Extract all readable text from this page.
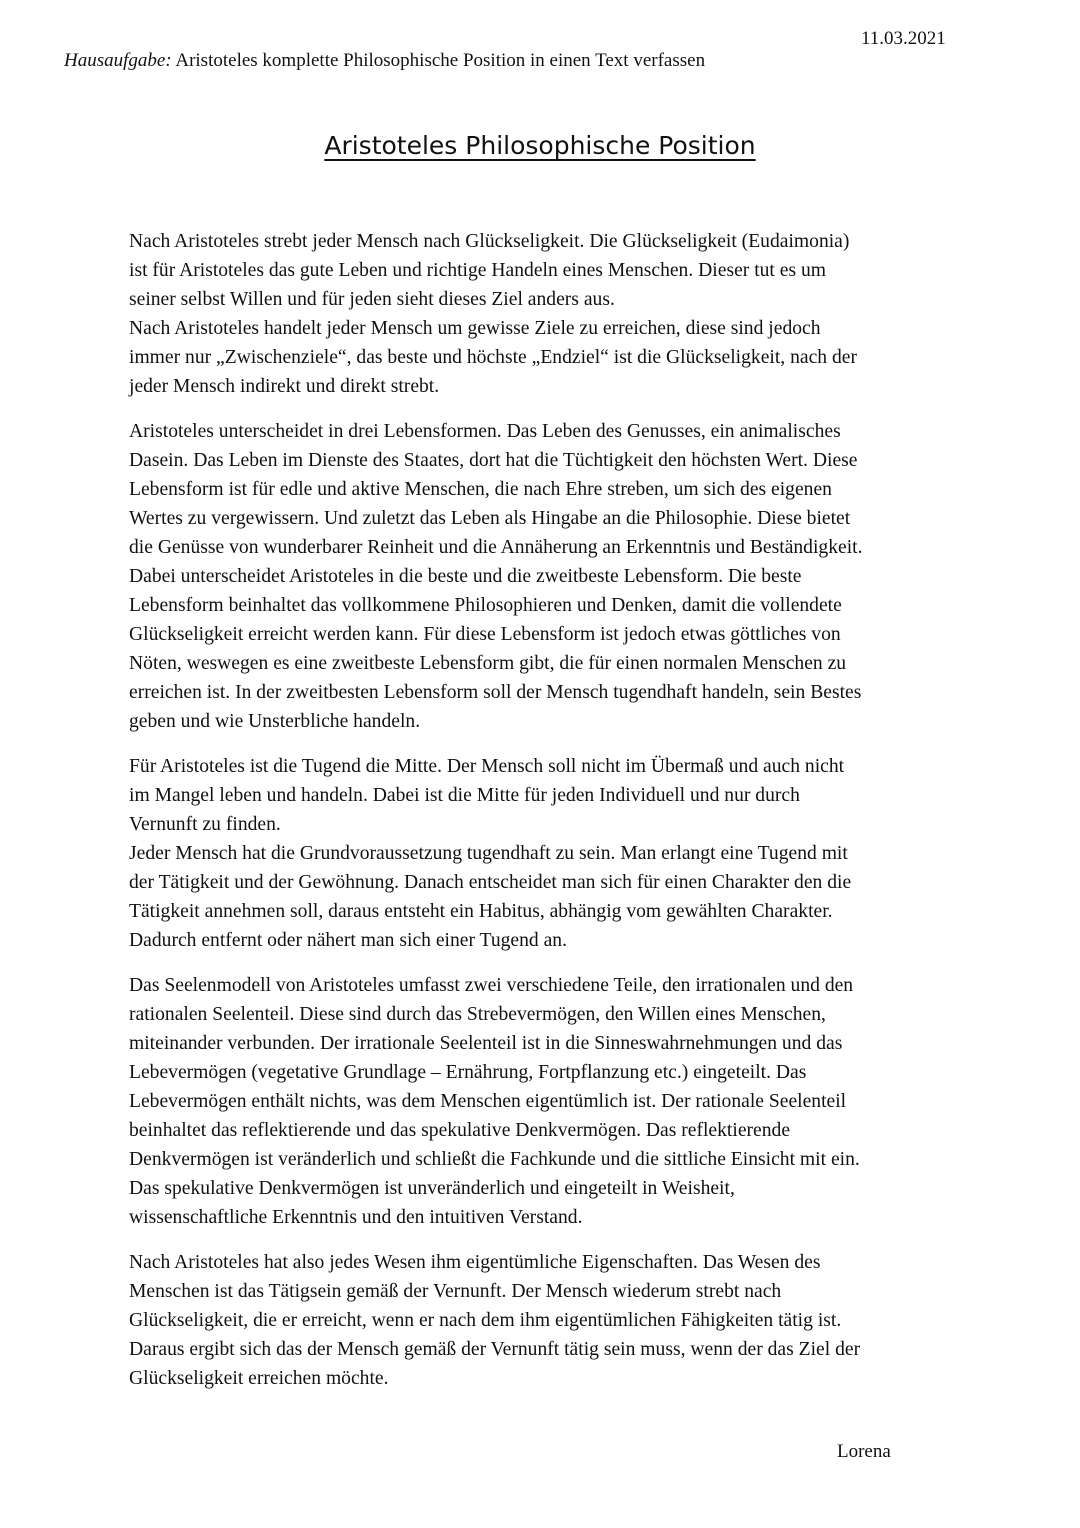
11.03.2021
Hausaufgabe: Aristoteles komplette Philosophische Position in einen Text verfassen
Aristoteles Philosophische Position
Nach Aristoteles strebt jeder Mensch nach Glückseligkeit. Die Glückseligkeit (Eudaimonia)
ist für Aristoteles das gute Leben und richtige Handeln eines Menschen. Dieser tut es um
seiner selbst Willen und für jeden sieht dieses Ziel anders aus.
Nach Aristoteles handelt jeder Mensch um gewisse Ziele zu erreichen, diese sind jedoch
immer nur „Zwischenziele“, das beste und höchste „Endziel“ ist die Glückseligkeit, nach der
jeder Mensch indirekt und direkt strebt.
Aristoteles unterscheidet in drei Lebensformen. Das Leben des Genusses, ein animalisches
Dasein. Das Leben im Dienste des Staates, dort hat die Tüchtigkeit den höchsten Wert. Diese
Lebensform ist für edle und aktive Menschen, die nach Ehre streben, um sich des eigenen
Wertes zu vergewissern. Und zuletzt das Leben als Hingabe an die Philosophie. Diese bietet
die Genüsse von wunderbarer Reinheit und die Annäherung an Erkenntnis und Beständigkeit.
Dabei unterscheidet Aristoteles in die beste und die zweitbeste Lebensform. Die beste
Lebensform beinhaltet das vollkommene Philosophieren und Denken, damit die vollendete
Glückseligkeit erreicht werden kann. Für diese Lebensform ist jedoch etwas göttliches von
Nöten, weswegen es eine zweitbeste Lebensform gibt, die für einen normalen Menschen zu
erreichen ist. In der zweitbesten Lebensform soll der Mensch tugendhaft handeln, sein Bestes
geben und wie Unsterbliche handeln.
Für Aristoteles ist die Tugend die Mitte. Der Mensch soll nicht im Übermaß und auch nicht
im Mangel leben und handeln. Dabei ist die Mitte für jeden Individuell und nur durch
Vernunft zu finden.
Jeder Mensch hat die Grundvoraussetzung tugendhaft zu sein. Man erlangt eine Tugend mit
der Tätigkeit und der Gewöhnung. Danach entscheidet man sich für einen Charakter den die
Tätigkeit annehmen soll, daraus entsteht ein Habitus, abhängig vom gewählten Charakter.
Dadurch entfernt oder nähert man sich einer Tugend an.
Das Seelenmodell von Aristoteles umfasst zwei verschiedene Teile, den irrationalen und den
rationalen Seelenteil. Diese sind durch das Strebevermögen, den Willen eines Menschen,
miteinander verbunden. Der irrationale Seelenteil ist in die Sinneswahrnehmungen und das
Lebevermögen (vegetative Grundlage – Ernährung, Fortpflanzung etc.) eingeteilt. Das
Lebevermögen enthält nichts, was dem Menschen eigentümlich ist. Der rationale Seelenteil
beinhaltet das reflektierende und das spekulative Denkvermögen. Das reflektierende
Denkvermögen ist veränderlich und schließt die Fachkunde und die sittliche Einsicht mit ein.
Das spekulative Denkvermögen ist unveränderlich und eingeteilt in Weisheit,
wissenschaftliche Erkenntnis und den intuitiven Verstand.
Nach Aristoteles hat also jedes Wesen ihm eigentümliche Eigenschaften. Das Wesen des
Menschen ist das Tätigsein gemäß der Vernunft. Der Mensch wiederum strebt nach
Glückseligkeit, die er erreicht, wenn er nach dem ihm eigentümlichen Fähigkeiten tätig ist.
Daraus ergibt sich das der Mensch gemäß der Vernunft tätig sein muss, wenn der das Ziel der
Glückseligkeit erreichen möchte.
Lorena
